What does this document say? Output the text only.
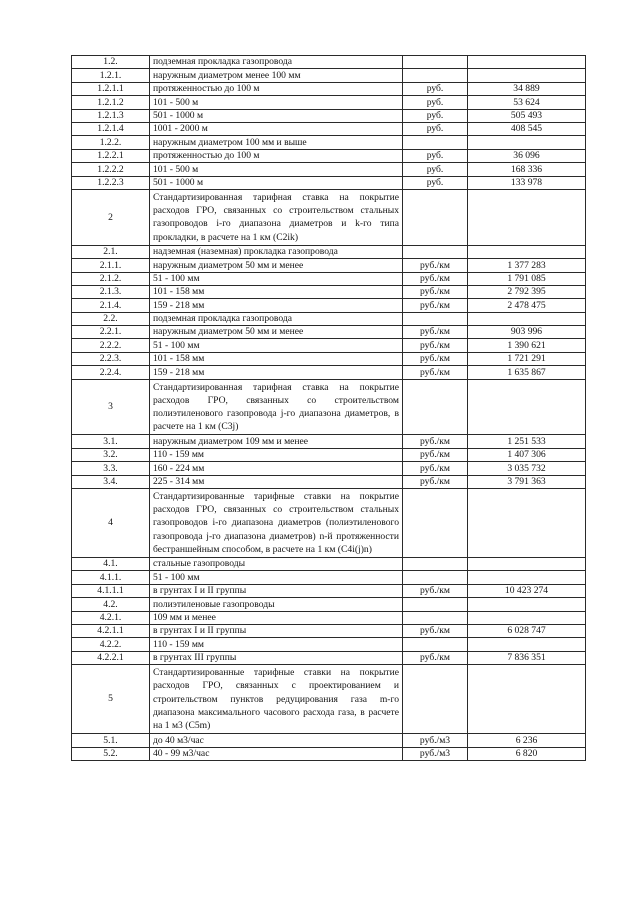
1.2.	подземная прокладка газопровода		
1.2.1.	наружным диаметром менее 100 мм		
1.2.1.1	протяженностью до 100 м	руб.	34 889
1.2.1.2	101 - 500 м	руб.	53 624
1.2.1.3	501 - 1000 м	руб.	505 493
1.2.1.4	1001 - 2000 м	руб.	408 545
1.2.2.	наружным диаметром 100 мм и выше		
1.2.2.1	протяженностью до 100 м	руб.	36 096
1.2.2.2	101 - 500 м	руб.	168 336
1.2.2.3	501 - 1000 м	руб.	133 978
2	Стандартизированная тарифная ставка на покрытие расходов ГРО, связанных со строительством стальных газопроводов i-го диапазона диаметров и k-го типа прокладки, в расчете на 1 км (С2ik)		
2.1.	надземная (наземная) прокладка газопровода		
2.1.1.	наружным диаметром 50 мм и менее	руб./км	1 377 283
2.1.2.	51 - 100 мм	руб./км	1 791 085
2.1.3.	101 - 158 мм	руб./км	2 792 395
2.1.4.	159 - 218 мм	руб./км	2 478 475
2.2.	подземная прокладка газопровода		
2.2.1.	наружным диаметром 50 мм и менее	руб./км	903 996
2.2.2.	51 - 100 мм	руб./км	1 390 621
2.2.3.	101 - 158 мм	руб./км	1 721 291
2.2.4.	159 - 218 мм	руб./км	1 635 867
3	Стандартизированная тарифная ставка на покрытие расходов ГРО, связанных со строительством полиэтиленового газопровода j-го диапазона диаметров, в расчете на 1 км (С3j)		
3.1.	наружным диаметром 109 мм и менее	руб./км	1 251 533
3.2.	110 - 159 мм	руб./км	1 407 306
3.3.	160 - 224 мм	руб./км	3 035 732
3.4.	225 - 314 мм	руб./км	3 791 363
4	Стандартизированные тарифные ставки на покрытие расходов ГРО, связанных со строительством стальных газопроводов i-го диапазона диаметров (полиэтиленового газопровода j-го диапазона диаметров) n-й протяженности бестраншейным способом, в расчете на 1 км (С4i(j)n)		
4.1.	стальные газопроводы		
4.1.1.	51 - 100 мм		
4.1.1.1	в грунтах I и II группы	руб./км	10 423 274
4.2.	полиэтиленовые газопроводы		
4.2.1.	109 мм и менее		
4.2.1.1	в грунтах I и II группы	руб./км	6 028 747
4.2.2.	110 - 159 мм		
4.2.2.1	в грунтах III группы	руб./км	7 836 351
5	Стандартизированные тарифные ставки на покрытие расходов ГРО, связанных с проектированием и строительством пунктов редуцирования газа m-го диапазона максимального часового расхода газа, в расчете на 1 м3 (С5m)		
5.1.	до 40 м3/час	руб./м3	6 236
5.2.	40 - 99 м3/час	руб./м3	6 820
